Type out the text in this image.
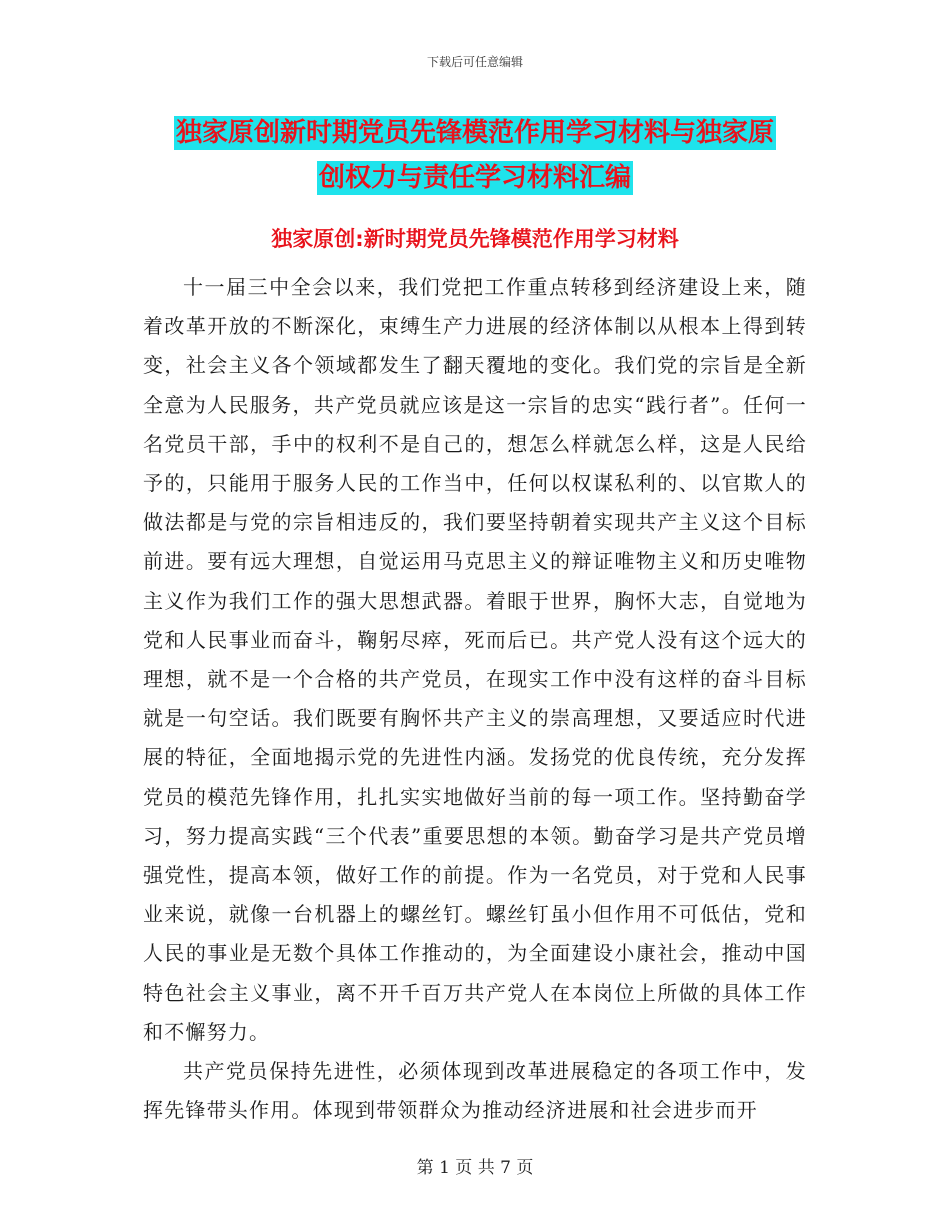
下载后可任意编辑
独家原创新时期党员先锋模范作用学习材料与独家原
创权力与责任学习材料汇编
独家原创:新时期党员先锋模范作用学习材料

十一届三中全会以来，我们党把工作重点转移到经济建设上来，随着改革开放的不断深化，束缚生产力进展的经济体制以从根本上得到转变，社会主义各个领域都发生了翻天覆地的变化。我们党的宗旨是全新全意为人民服务，共产党员就应该是这一宗旨的忠实“践行者”。任何一名党员干部，手中的权利不是自己的，想怎么样就怎么样，这是人民给予的，只能用于服务人民的工作当中，任何以权谋私利的、以官欺人的做法都是与党的宗旨相违反的，我们要坚持朝着实现共产主义这个目标前进。要有远大理想，自觉运用马克思主义的辩证唯物主义和历史唯物主义作为我们工作的强大思想武器。着眼于世界，胸怀大志，自觉地为党和人民事业而奋斗，鞠躬尽瘁，死而后已。共产党人没有这个远大的理想，就不是一个合格的共产党员，在现实工作中没有这样的奋斗目标就是一句空话。我们既要有胸怀共产主义的崇高理想，又要适应时代进展的特征，全面地揭示党的先进性内涵。发扬党的优良传统，充分发挥党员的模范先锋作用，扎扎实实地做好当前的每一项工作。坚持勤奋学习，努力提高实践“三个代表”重要思想的本领。勤奋学习是共产党员增强党性，提高本领，做好工作的前提。作为一名党员，对于党和人民事业来说，就像一台机器上的螺丝钉。螺丝钉虽小但作用不可低估，党和人民的事业是无数个具体工作推动的，为全面建设小康社会，推动中国特色社会主义事业，离不开千百万共产党人在本岗位上所做的具体工作和不懈努力。

共产党员保持先进性，必须体现到改革进展稳定的各项工作中，发挥先锋带头作用。体现到带领群众为推动经济进展和社会进步而开

第 1 页 共 7 页
